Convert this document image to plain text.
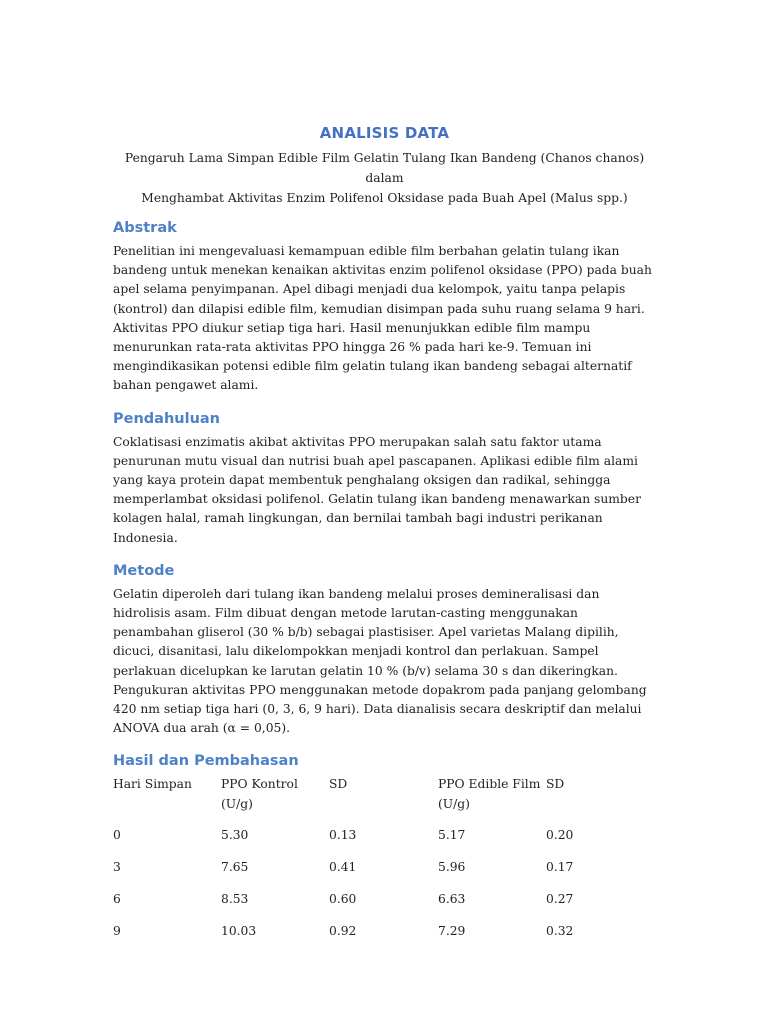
ANALISIS DATA
Pengaruh Lama Simpan Edible Film Gelatin Tulang Ikan Bandeng (Chanos chanos) dalam
Menghambat Aktivitas Enzim Polifenol Oksidase pada Buah Apel (Malus spp.)
Abstrak

Penelitian ini mengevaluasi kemampuan edible film berbahan gelatin tulang ikan bandeng untuk menekan kenaikan aktivitas enzim polifenol oksidase (PPO) pada buah apel selama penyimpanan. Apel dibagi menjadi dua kelompok, yaitu tanpa pelapis (kontrol) dan dilapisi edible film, kemudian disimpan pada suhu ruang selama 9 hari. Aktivitas PPO diukur setiap tiga hari. Hasil menunjukkan edible film mampu menurunkan rata-rata aktivitas PPO hingga 26 % pada hari ke-9. Temuan ini mengindikasikan potensi edible film gelatin tulang ikan bandeng sebagai alternatif bahan pengawet alami.

Pendahuluan

Coklatisasi enzimatis akibat aktivitas PPO merupakan salah satu faktor utama penurunan mutu visual dan nutrisi buah apel pascapanen. Aplikasi edible film alami yang kaya protein dapat membentuk penghalang oksigen dan radikal, sehingga memperlambat oksidasi polifenol. Gelatin tulang ikan bandeng menawarkan sumber kolagen halal, ramah lingkungan, dan bernilai tambah bagi industri perikanan Indonesia.

Metode

Gelatin diperoleh dari tulang ikan bandeng melalui proses demineralisasi dan hidrolisis asam. Film dibuat dengan metode larutan-casting menggunakan penambahan gliserol (30 % b/b) sebagai plastisiser. Apel varietas Malang dipilih, dicuci, disanitasi, lalu dikelompokkan menjadi kontrol dan perlakuan. Sampel perlakuan dicelupkan ke larutan gelatin 10 % (b/v) selama 30 s dan dikeringkan. Pengukuran aktivitas PPO menggunakan metode dopakrom pada panjang gelombang 420 nm setiap tiga hari (0, 3, 6, 9 hari). Data dianalisis secara deskriptif dan melalui ANOVA dua arah (α = 0,05).

Hasil dan Pembahasan
Hari Simpan	PPO Kontrol (U/g)	SD	PPO Edible Film (U/g)	SD
0	5.30	0.13	5.17	0.20
3	7.65	0.41	5.96	0.17
6	8.53	0.60	6.63	0.27
9	10.03	0.92	7.29	0.32
